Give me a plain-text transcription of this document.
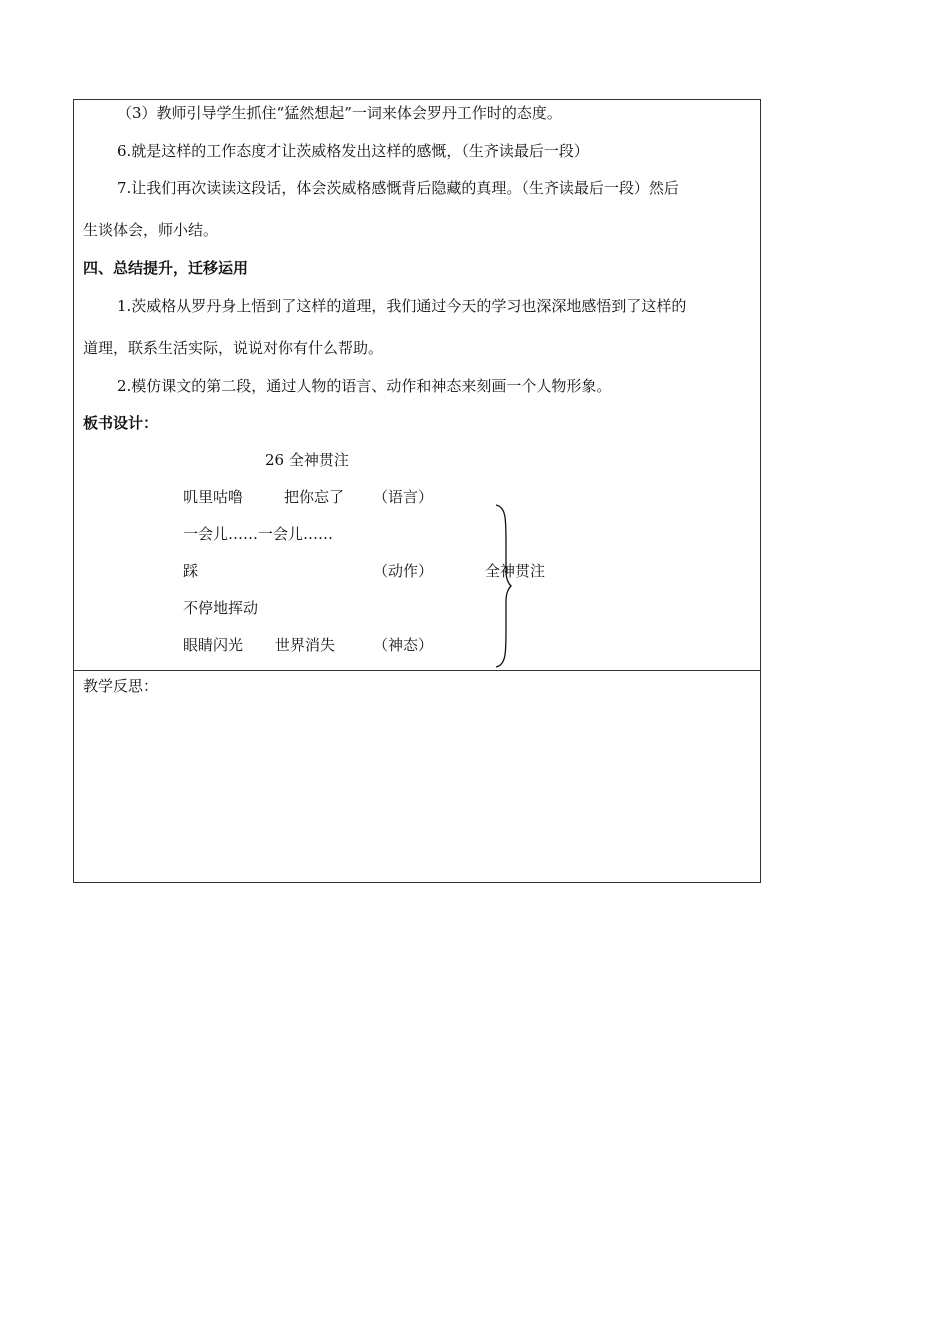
（3）教师引导学生抓住“猛然想起”一词来体会罗丹工作时的态度。
6.就是这样的工作态度才让茨威格发出这样的感慨，（生齐读最后一段）
7.让我们再次读读这段话，体会茨威格感慨背后隐藏的真理。（生齐读最后一段）然后
生谈体会，师小结。
四、总结提升，迁移运用
1.茨威格从罗丹身上悟到了这样的道理，我们通过今天的学习也深深地感悟到了这样的
道理，联系生活实际，说说对你有什么帮助。
2.模仿课文的第二段，通过人物的语言、动作和神态来刻画一个人物形象。
板书设计：
26 全神贯注
叽里咕噜	把你忘了 （语言）
一会儿……一会儿……
踩	（动作）
不停地挥动
眼睛闪光 世界消失	（神态）
全神贯注
教学反思：
